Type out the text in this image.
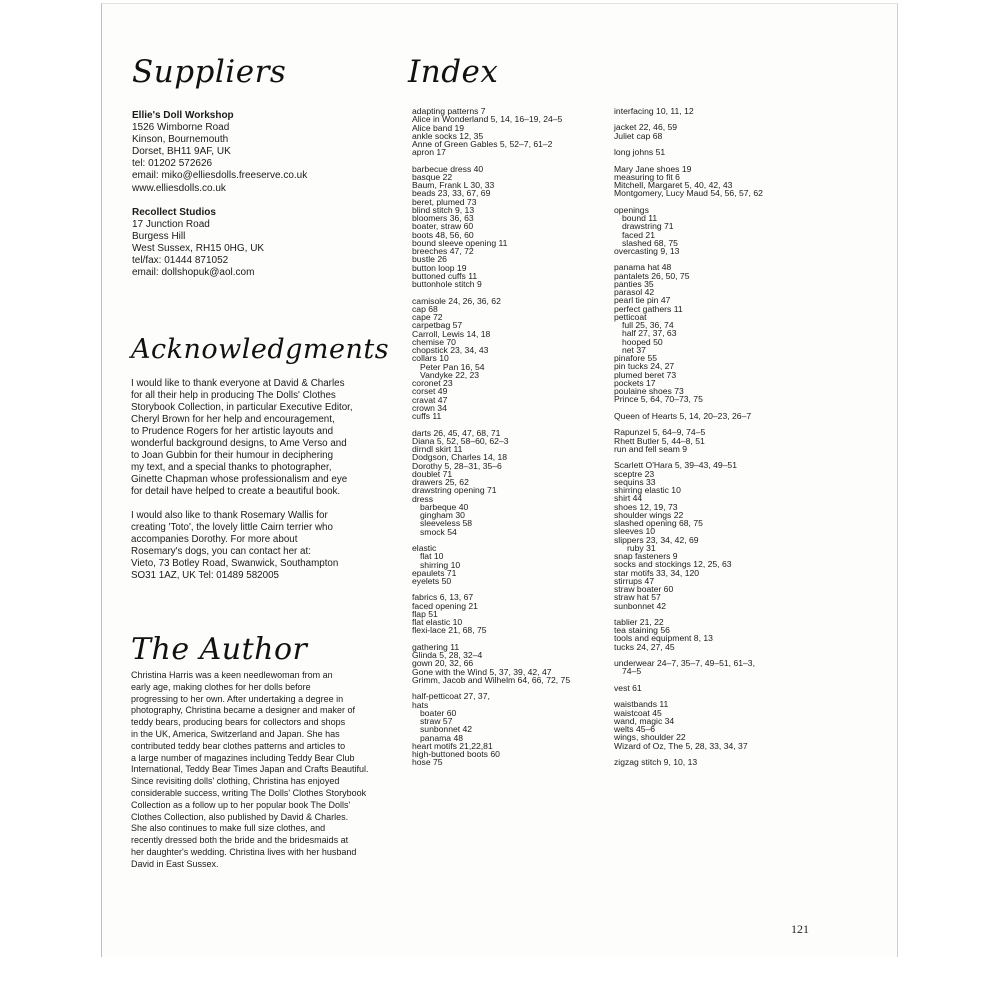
Suppliers	Index
Ellie's Doll Workshop
1526 Wimborne Road
Kinson, Bournemouth
Dorset, BH11 9AF, UK
tel: 01202 572626
email: miko@elliesdolls.freeserve.co.uk
www.elliesdolls.co.uk
Recollect Studios
17 Junction Road
Burgess Hill
West Sussex, RH15 0HG, UK
tel/fax: 01444 871052
email: dollshopuk@aol.com
Acknowledgments

I would like to thank everyone at David & Charles
for all their help in producing The Dolls' Clothes
Storybook Collection, in particular Executive Editor,
Cheryl Brown for her help and encouragement,
to Prudence Rogers for her artistic layouts and
wonderful background designs, to Ame Verso and
to Joan Gubbin for their humour in deciphering
my text, and a special thanks to photographer,
Ginette Chapman whose professionalism and eye
for detail have helped to create a beautiful book.

I would also like to thank Rosemary Wallis for
creating 'Toto', the lovely little Cairn terrier who
accompanies Dorothy. For more about
Rosemary's dogs, you can contact her at:
Vieto, 73 Botley Road, Swanwick, Southampton
SO31 1AZ, UK Tel: 01489 582005

The Author
Christina Harris was a keen needlewoman from an
early age, making clothes for her dolls before
progressing to her own. After undertaking a degree in
photography, Christina became a designer and maker of
teddy bears, producing bears for collectors and shops
in the UK, America, Switzerland and Japan. She has
contributed teddy bear clothes patterns and articles to
a large number of magazines including Teddy Bear Club
International, Teddy Bear Times Japan and Crafts Beautiful.
Since revisiting dolls' clothing, Christina has enjoyed
considerable success, writing The Dolls' Clothes Storybook
Collection as a follow up to her popular book The Dolls'
Clothes Collection, also published by David & Charles.
She also continues to make full size clothes, and
recently dressed both the bride and the bridesmaids at
her daughter's wedding. Christina lives with her husband
David in East Sussex.
adapting patterns 7
Alice in Wonderland 5, 14, 16–19, 24–5
Alice band 19
ankle socks 12, 35
Anne of Green Gables 5, 52–7, 61–2
apron 17
barbecue dress 40
basque 22
Baum, Frank L 30, 33
beads 23, 33, 67, 69
beret, plumed 73
blind stitch 9, 13
bloomers 36, 63
boater, straw 60
boots 48, 56, 60
bound sleeve opening 11
breeches 47, 72
bustle 26
button loop 19
buttoned cuffs 11
buttonhole stitch 9
camisole 24, 26, 36, 62
cap 68
cape 72
carpetbag 57
Carroll, Lewis 14, 18
chemise 70
chopstick 23, 34, 43
collars 10
Peter Pan 16, 54
Vandyke 22, 23
coronet 23
corset 49
cravat 47
crown 34
cuffs 11
darts 26, 45, 47, 68, 71
Diana 5, 52, 58–60, 62–3
dirndl skirt 11
Dodgson, Charles 14, 18
Dorothy 5, 28–31, 35–6
doublet 71
drawers 25, 62
drawstring opening 71
dress
barbeque 40
gingham 30
sleeveless 58
smock 54
elastic
flat 10
shirring 10
epaulets 71
eyelets 50
fabrics 6, 13, 67
faced opening 21
flap 51
flat elastic 10
flexi-lace 21, 68, 75
gathering 11
Glinda 5, 28, 32–4
gown 20, 32, 66
Gone with the Wind 5, 37, 39, 42, 47
Grimm, Jacob and Wilhelm 64, 66, 72, 75
half-petticoat 27, 37,
hats
boater 60
straw 57
sunbonnet 42
panama 48
heart motifs 21,22,81
high-buttoned boots 60
hose 75
interfacing 10, 11, 12
jacket 22, 46, 59
Juliet cap 68
long johns 51
Mary Jane shoes 19
measuring to fit 6
Mitchell, Margaret 5, 40, 42, 43
Montgomery, Lucy Maud 54, 56, 57, 62
openings
bound 11
drawstring 71
faced 21
slashed 68, 75
overcasting 9, 13
panama hat 48
pantalets 26, 50, 75
panties 35
parasol 42
pearl tie pin 47
perfect gathers 11
petticoat
full 25, 36, 74
half 27, 37, 63
hooped 50
net 37
pinafore 55
pin tucks 24, 27
plumed beret 73
pockets 17
poulaine shoes 73
Prince 5, 64, 70–73, 75
Queen of Hearts 5, 14, 20–23, 26–7
Rapunzel 5, 64–9, 74–5
Rhett Butler 5, 44–8, 51
run and fell seam 9
Scarlett O'Hara 5, 39–43, 49–51
sceptre 23
sequins 33
shirring elastic 10
shirt 44
shoes 12, 19, 73
shoulder wings 22
slashed opening 68, 75
sleeves 10
slippers 23, 34, 42, 69
ruby 31
snap fasteners 9
socks and stockings 12, 25, 63
star motifs 33, 34, 120
stirrups 47
straw boater 60
straw hat 57
sunbonnet 42
tablier 21, 22
tea staining 56
tools and equipment 8, 13
tucks 24, 27, 45
underwear 24–7, 35–7, 49–51, 61–3,
74–5
vest 61
waistbands 11
waistcoat 45
wand, magic 34
welts 45–6
wings, shoulder 22
Wizard of Oz, The 5, 28, 33, 34, 37
zigzag stitch 9, 10, 13
121
